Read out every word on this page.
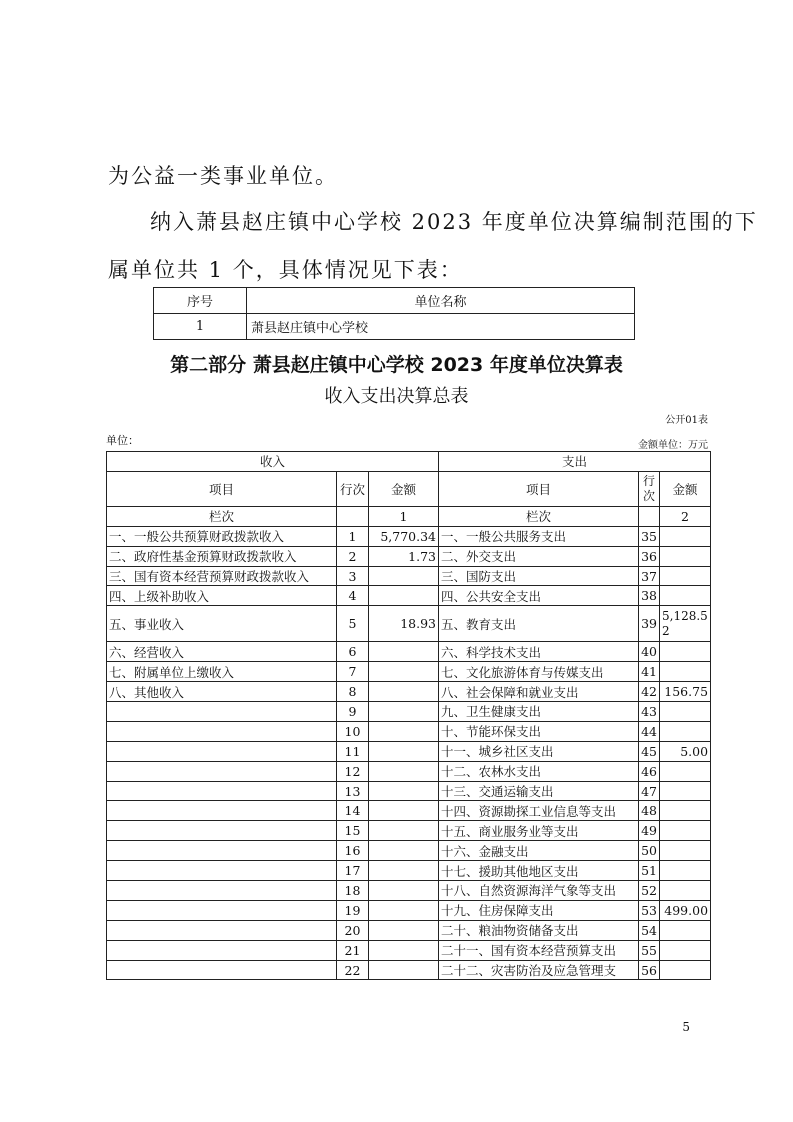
为公益一类事业单位。
纳入萧县赵庄镇中心学校 2023 年度单位决算编制范围的下
属单位共 1 个，具体情况见下表：
序号	单位名称
1	萧县赵庄镇中心学校
第二部分 萧县赵庄镇中心学校 2023 年度单位决算表
收入支出决算总表
公开01表
单位：	金额单位：万元
收入			支出		
项目	行次	金额	项目	行次	金额
栏次		1	栏次		2
一、一般公共预算财政拨款收入	1	5,770.34	一、一般公共服务支出	35	
二、政府性基金预算财政拨款收入	2	1.73	二、外交支出	36	
三、国有资本经营预算财政拨款收入	3		三、国防支出	37	
四、上级补助收入	4		四、公共安全支出	38	
五、事业收入	5	18.93	五、教育支出	39	5,128.52
六、经营收入	6		六、科学技术支出	40	
七、附属单位上缴收入	7		七、文化旅游体育与传媒支出	41	
八、其他收入	8		八、社会保障和就业支出	42	156.75
	9		九、卫生健康支出	43	
	10		十、节能环保支出	44	
	11		十一、城乡社区支出	45	5.00
	12		十二、农林水支出	46	
	13		十三、交通运输支出	47	
	14		十四、资源勘探工业信息等支出	48	
	15		十五、商业服务业等支出	49	
	16		十六、金融支出	50	
	17		十七、援助其他地区支出	51	
	18		十八、自然资源海洋气象等支出	52	
	19		十九、住房保障支出	53	499.00
	20		二十、粮油物资储备支出	54	
	21		二十一、国有资本经营预算支出	55	
	22		二十二、灾害防治及应急管理支	56	
5
